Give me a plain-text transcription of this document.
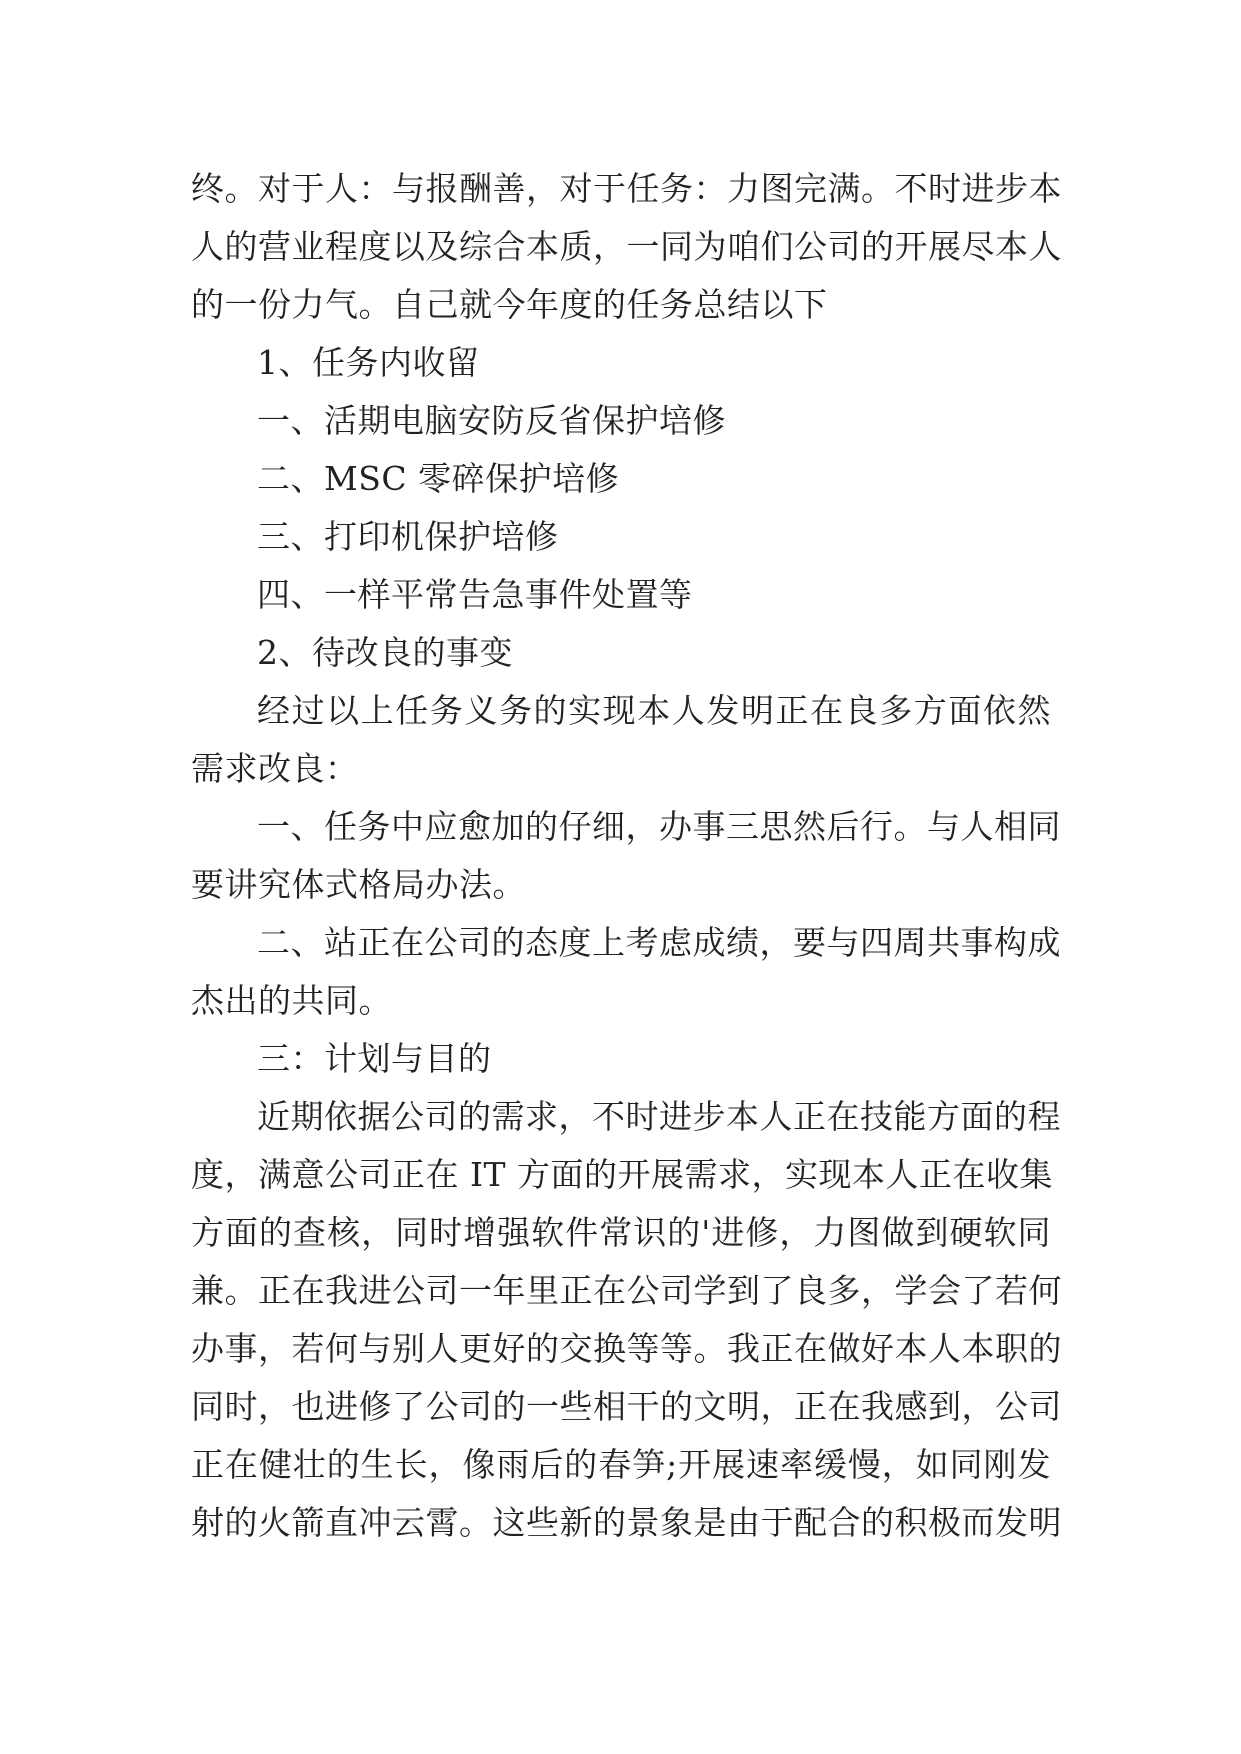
终。对于人：与报酬善，对于任务：力图完满。不时进步本
人的营业程度以及综合本质，一同为咱们公司的开展尽本人
的一份力气。自己就今年度的任务总结以下
1、任务内收留
一、活期电脑安防反省保护培修
二、MSC 零碎保护培修
三、打印机保护培修
四、一样平常告急事件处置等
2、待改良的事变
经过以上任务义务的实现本人发明正在良多方面依然
需求改良：
一、任务中应愈加的仔细，办事三思然后行。与人相同
要讲究体式格局办法。
二、站正在公司的态度上考虑成绩，要与四周共事构成
杰出的共同。
三：计划与目的
近期依据公司的需求，不时进步本人正在技能方面的程
度，满意公司正在 IT 方面的开展需求，实现本人正在收集
方面的查核，同时增强软件常识的'进修，力图做到硬软同
兼。正在我进公司一年里正在公司学到了良多，学会了若何
办事，若何与别人更好的交换等等。我正在做好本人本职的
同时，也进修了公司的一些相干的文明，正在我感到，公司
正在健壮的生长，像雨后的春笋;开展速率缓慢，如同刚发
射的火箭直冲云霄。这些新的景象是由于配合的积极而发明
